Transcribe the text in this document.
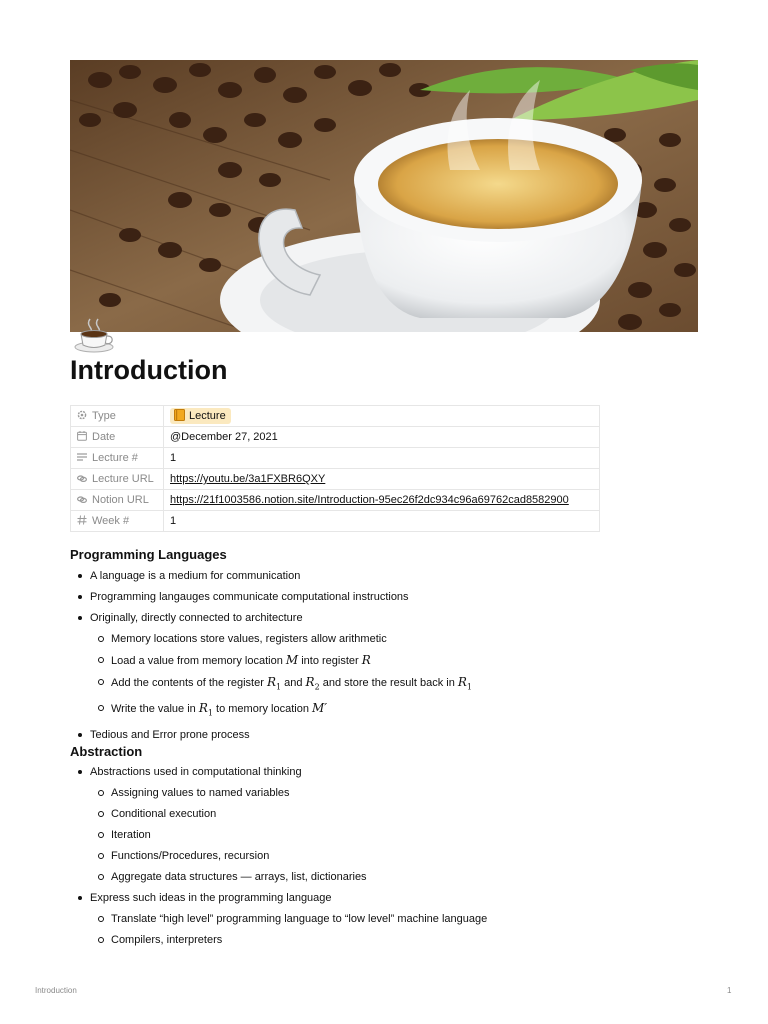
Introduction
Type	Lecture
Date	@December 27, 2021
Lecture #	1
Lecture URL	https://youtu.be/3a1FXBR6QXY
Notion URL	https://21f1003586.notion.site/Introduction-95ec26f2dc934c96a69762cad8582900
Week #	1
Programming Languages
A language is a medium for communication
Programming langauges communicate computational instructions
Originally, directly connected to architecture
Memory locations store values, registers allow arithmetic
Load a value from memory location M into register R
Add the contents of the register $R_1$ and $R_2$ and store the result back in $R_1$
Write the value in $R_1$ to memory location M′
Tedious and Error prone process
Abstraction
Abstractions used in computational thinking
Assigning values to named variables
Conditional execution
Iteration
Functions/Procedures, recursion
Aggregate data structures — arrays, list, dictionaries
Express such ideas in the programming language
Translate “high level” programming language to “low level” machine language
Compilers, interpreters
Introduction	1
